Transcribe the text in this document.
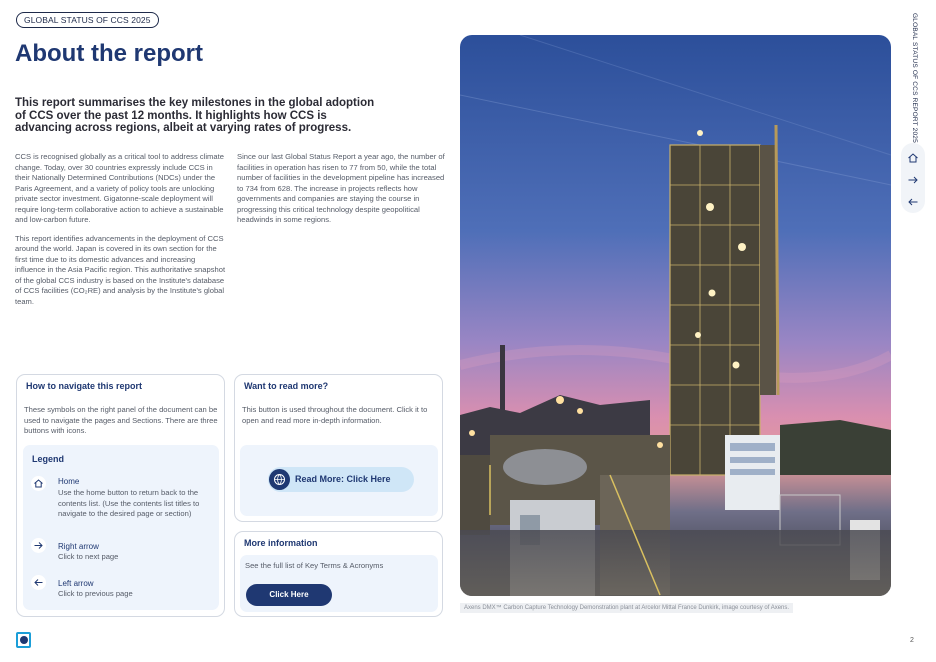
GLOBAL STATUS OF CCS 2025
About the report
This report summarises the key milestones in the global adoption of CCS over the past 12 months. It highlights how CCS is advancing across regions, albeit at varying rates of progress.

CCS is recognised globally as a critical tool to address climate change. Today, over 30 countries expressly include CCS in their Nationally Determined Contributions (NDCs) under the Paris Agreement, and a variety of policy tools are unlocking private sector investment. Gigatonne-scale deployment will require long-term collaborative action to achieve a sustainable and low-carbon future.

This report identifies advancements in the deployment of CCS around the world. Japan is covered in its own section for the first time due to its domestic advances and increasing influence in the Asia Pacific region. This authoritative snapshot of the global CCS industry is based on the Institute's database of CCS facilities (CO₂RE) and analysis by the Institute's global team.

Since our last Global Status Report a year ago, the number of facilities in operation has risen to 77 from 50, while the total number of facilities in the development pipeline has increased to 734 from 628. The increase in projects reflects how governments and companies are staying the course in progressing this critical technology despite geopolitical headwinds in some regions.

How to navigate this report
These symbols on the right panel of the document can be used to navigate the pages and Sections. There are three buttons with icons.
Legend
Home
Use the home button to return back to the contents list. (Use the contents list titles to navigate to the desired page or section)
Right arrow
Click to next page
Left arrow
Click to previous page
Want to read more?
This button is used throughout the document. Click it to open and read more in-depth information.
Read More: Click Here
More information
See the full list of Key Terms & Acronyms
Click Here
Axens DMX™ Carbon Capture Technology Demonstration plant at Arcelor Mittal France Dunkirk, image courtesy of Axens.
GLOBAL STATUS OF CCS REPORT 2025
2
